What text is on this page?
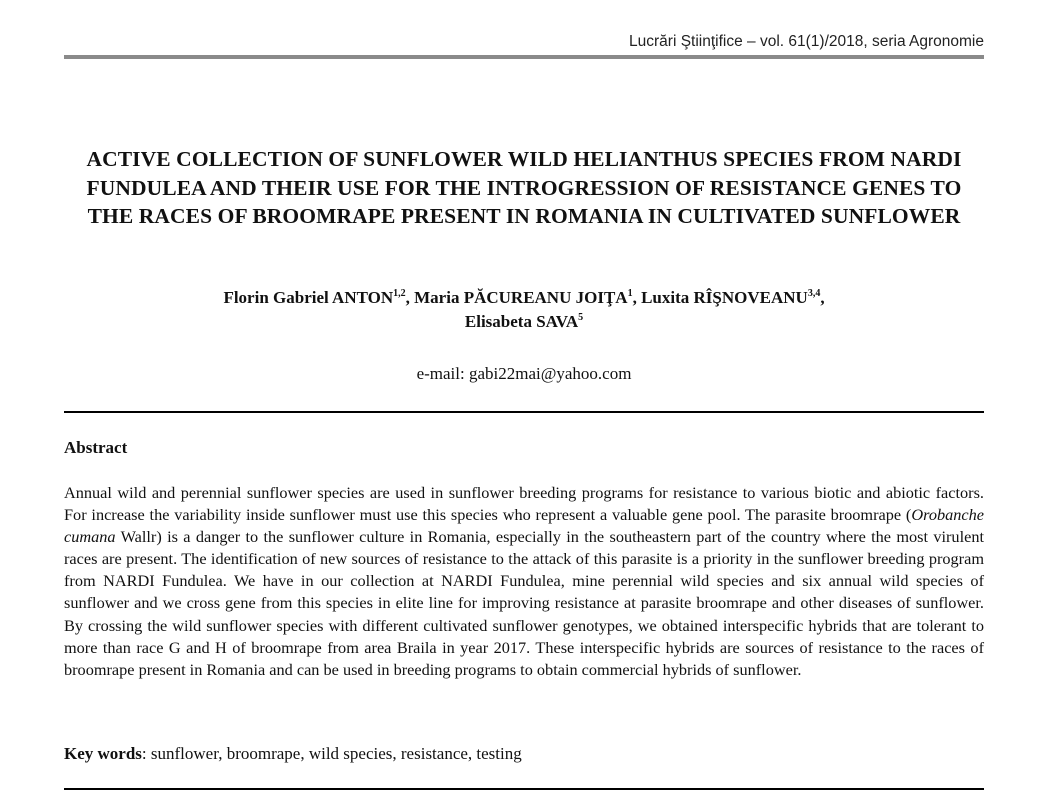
Lucrări Ştiinţifice – vol. 61(1)/2018, seria Agronomie
ACTIVE COLLECTION OF SUNFLOWER WILD HELIANTHUS SPECIES FROM NARDI FUNDULEA AND THEIR USE FOR THE INTROGRESSION OF RESISTANCE GENES TO THE RACES OF BROOMRAPE PRESENT IN ROMANIA IN CULTIVATED SUNFLOWER
Florin Gabriel ANTON$^{1,2}$, Maria PĂCUREANU JOIŢA$^1$, Luxita RÎŞNOVEANU$^{3,4}$,
Elisabeta SAVA$^5$
e-mail: gabi22mai@yahoo.com
Abstract
Annual wild and perennial sunflower species are used in sunflower breeding programs for resistance to various biotic and abiotic factors. For increase the variability inside sunflower must use this species who represent a valuable gene pool. The parasite broomrape (Orobanche cumana Wallr) is a danger to the sunflower culture in Romania, especially in the southeastern part of the country where the most virulent races are present. The identification of new sources of resistance to the attack of this parasite is a priority in the sunflower breeding program from NARDI Fundulea. We have in our collection at NARDI Fundulea, mine perennial wild species and six annual wild species of sunflower and we cross gene from this species in elite line for improving resistance at parasite broomrape and other diseases of sunflower. By crossing the wild sunflower species with different cultivated sunflower genotypes, we obtained interspecific hybrids that are tolerant to more than race G and H of broomrape from area Braila in year 2017. These interspecific hybrids are sources of resistance to the races of broomrape present in Romania and can be used in breeding programs to obtain commercial hybrids of sunflower.
Key words: sunflower, broomrape, wild species, resistance, testing
